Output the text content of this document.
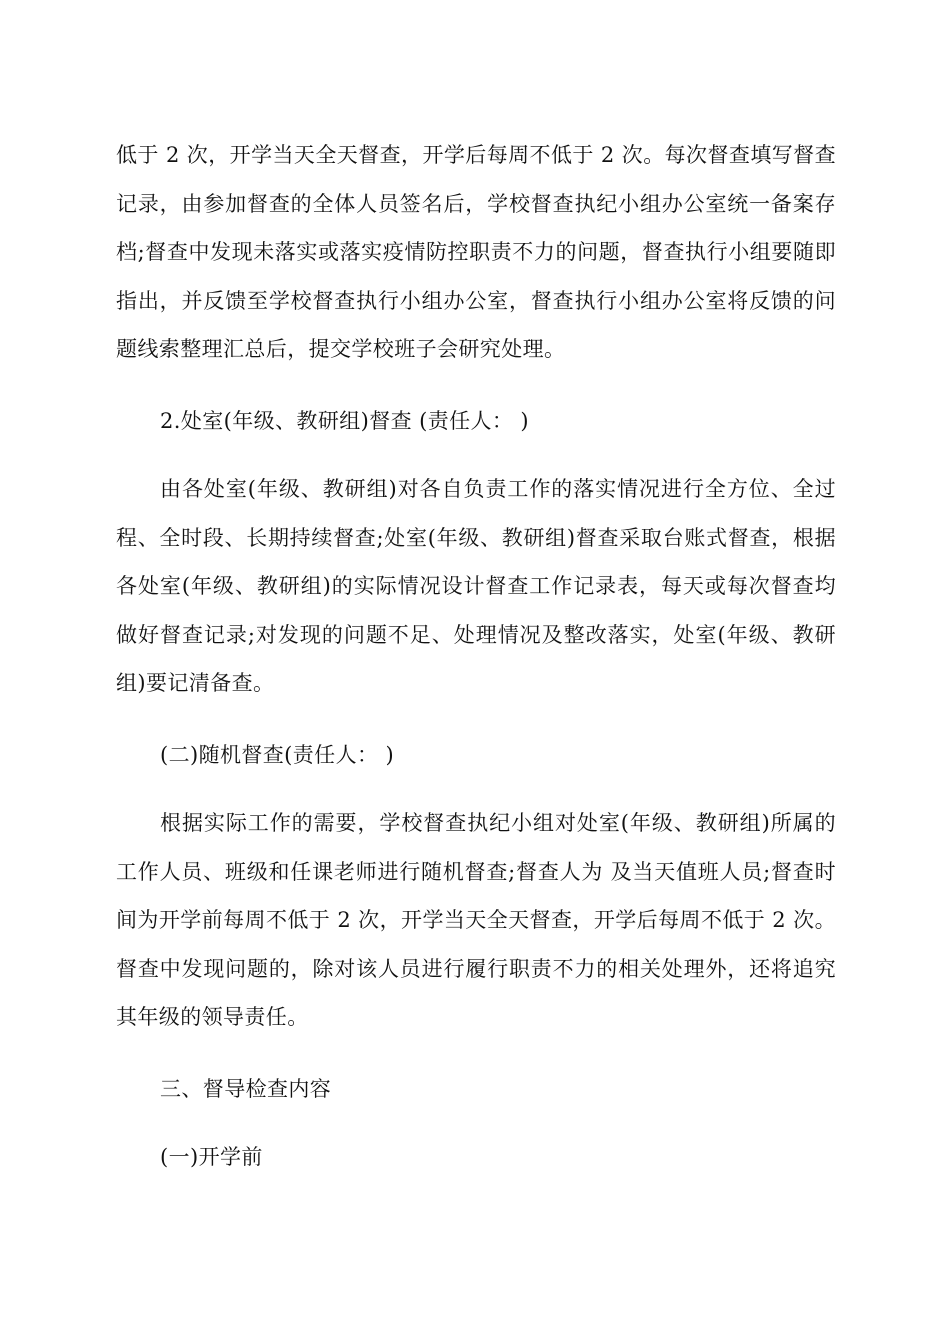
低于 2 次，开学当天全天督查，开学后每周不低于 2 次。每次督查填写督查记录，由参加督查的全体人员签名后，学校督查执纪小组办公室统一备案存档;督查中发现未落实或落实疫情防控职责不力的问题，督查执行小组要随即指出，并反馈至学校督查执行小组办公室，督查执行小组办公室将反馈的问题线索整理汇总后，提交学校班子会研究处理。

2.处室(年级、教研组)督查 (责任人： )

由各处室(年级、教研组)对各自负责工作的落实情况进行全方位、全过程、全时段、长期持续督查;处室(年级、教研组)督查采取台账式督查，根据各处室(年级、教研组)的实际情况设计督查工作记录表，每天或每次督查均做好督查记录;对发现的问题不足、处理情况及整改落实，处室(年级、教研组)要记清备查。

(二)随机督查(责任人： )

根据实际工作的需要，学校督查执纪小组对处室(年级、教研组)所属的工作人员、班级和任课老师进行随机督查;督查人为 及当天值班人员;督查时间为开学前每周不低于 2 次，开学当天全天督查，开学后每周不低于 2 次。督查中发现问题的，除对该人员进行履行职责不力的相关处理外，还将追究其年级的领导责任。

三、督导检查内容

(一)开学前
